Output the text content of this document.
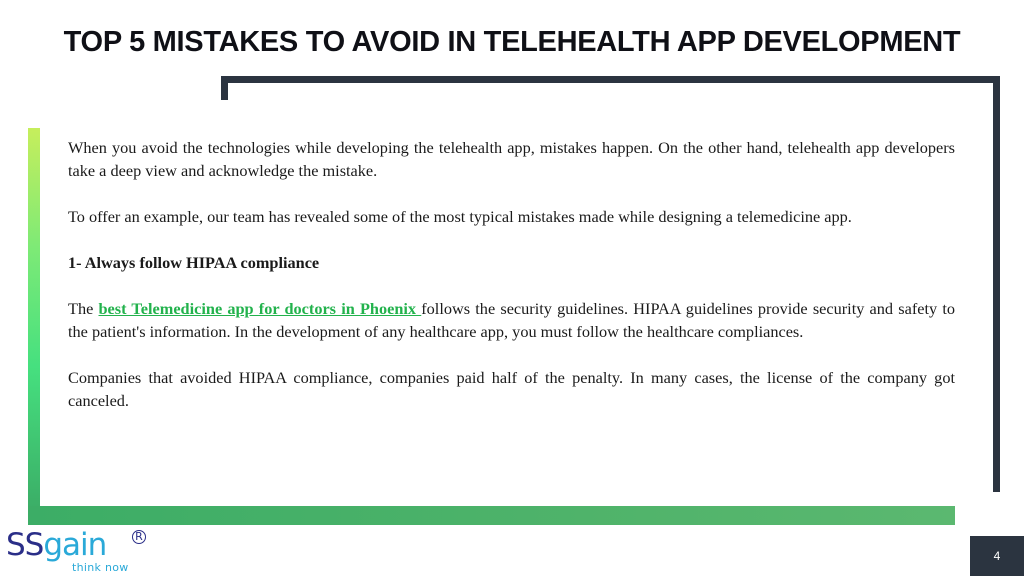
TOP 5 MISTAKES TO AVOID IN TELEHEALTH APP DEVELOPMENT

When you avoid the technologies while developing the telehealth app, mistakes happen. On the other hand, telehealth app developers take a deep view and acknowledge the mistake.

To offer an example, our team has revealed some of the most typical mistakes made while designing a telemedicine app.

1- Always follow HIPAA compliance

The best Telemedicine app for doctors in Phoenix follows the security guidelines. HIPAA guidelines provide security and safety to the patient's information. In the development of any healthcare app, you must follow the healthcare compliances.

Companies that avoided HIPAA compliance, companies paid half of the penalty. In many cases, the license of the company got canceled.

SSgain	R
think now
4
